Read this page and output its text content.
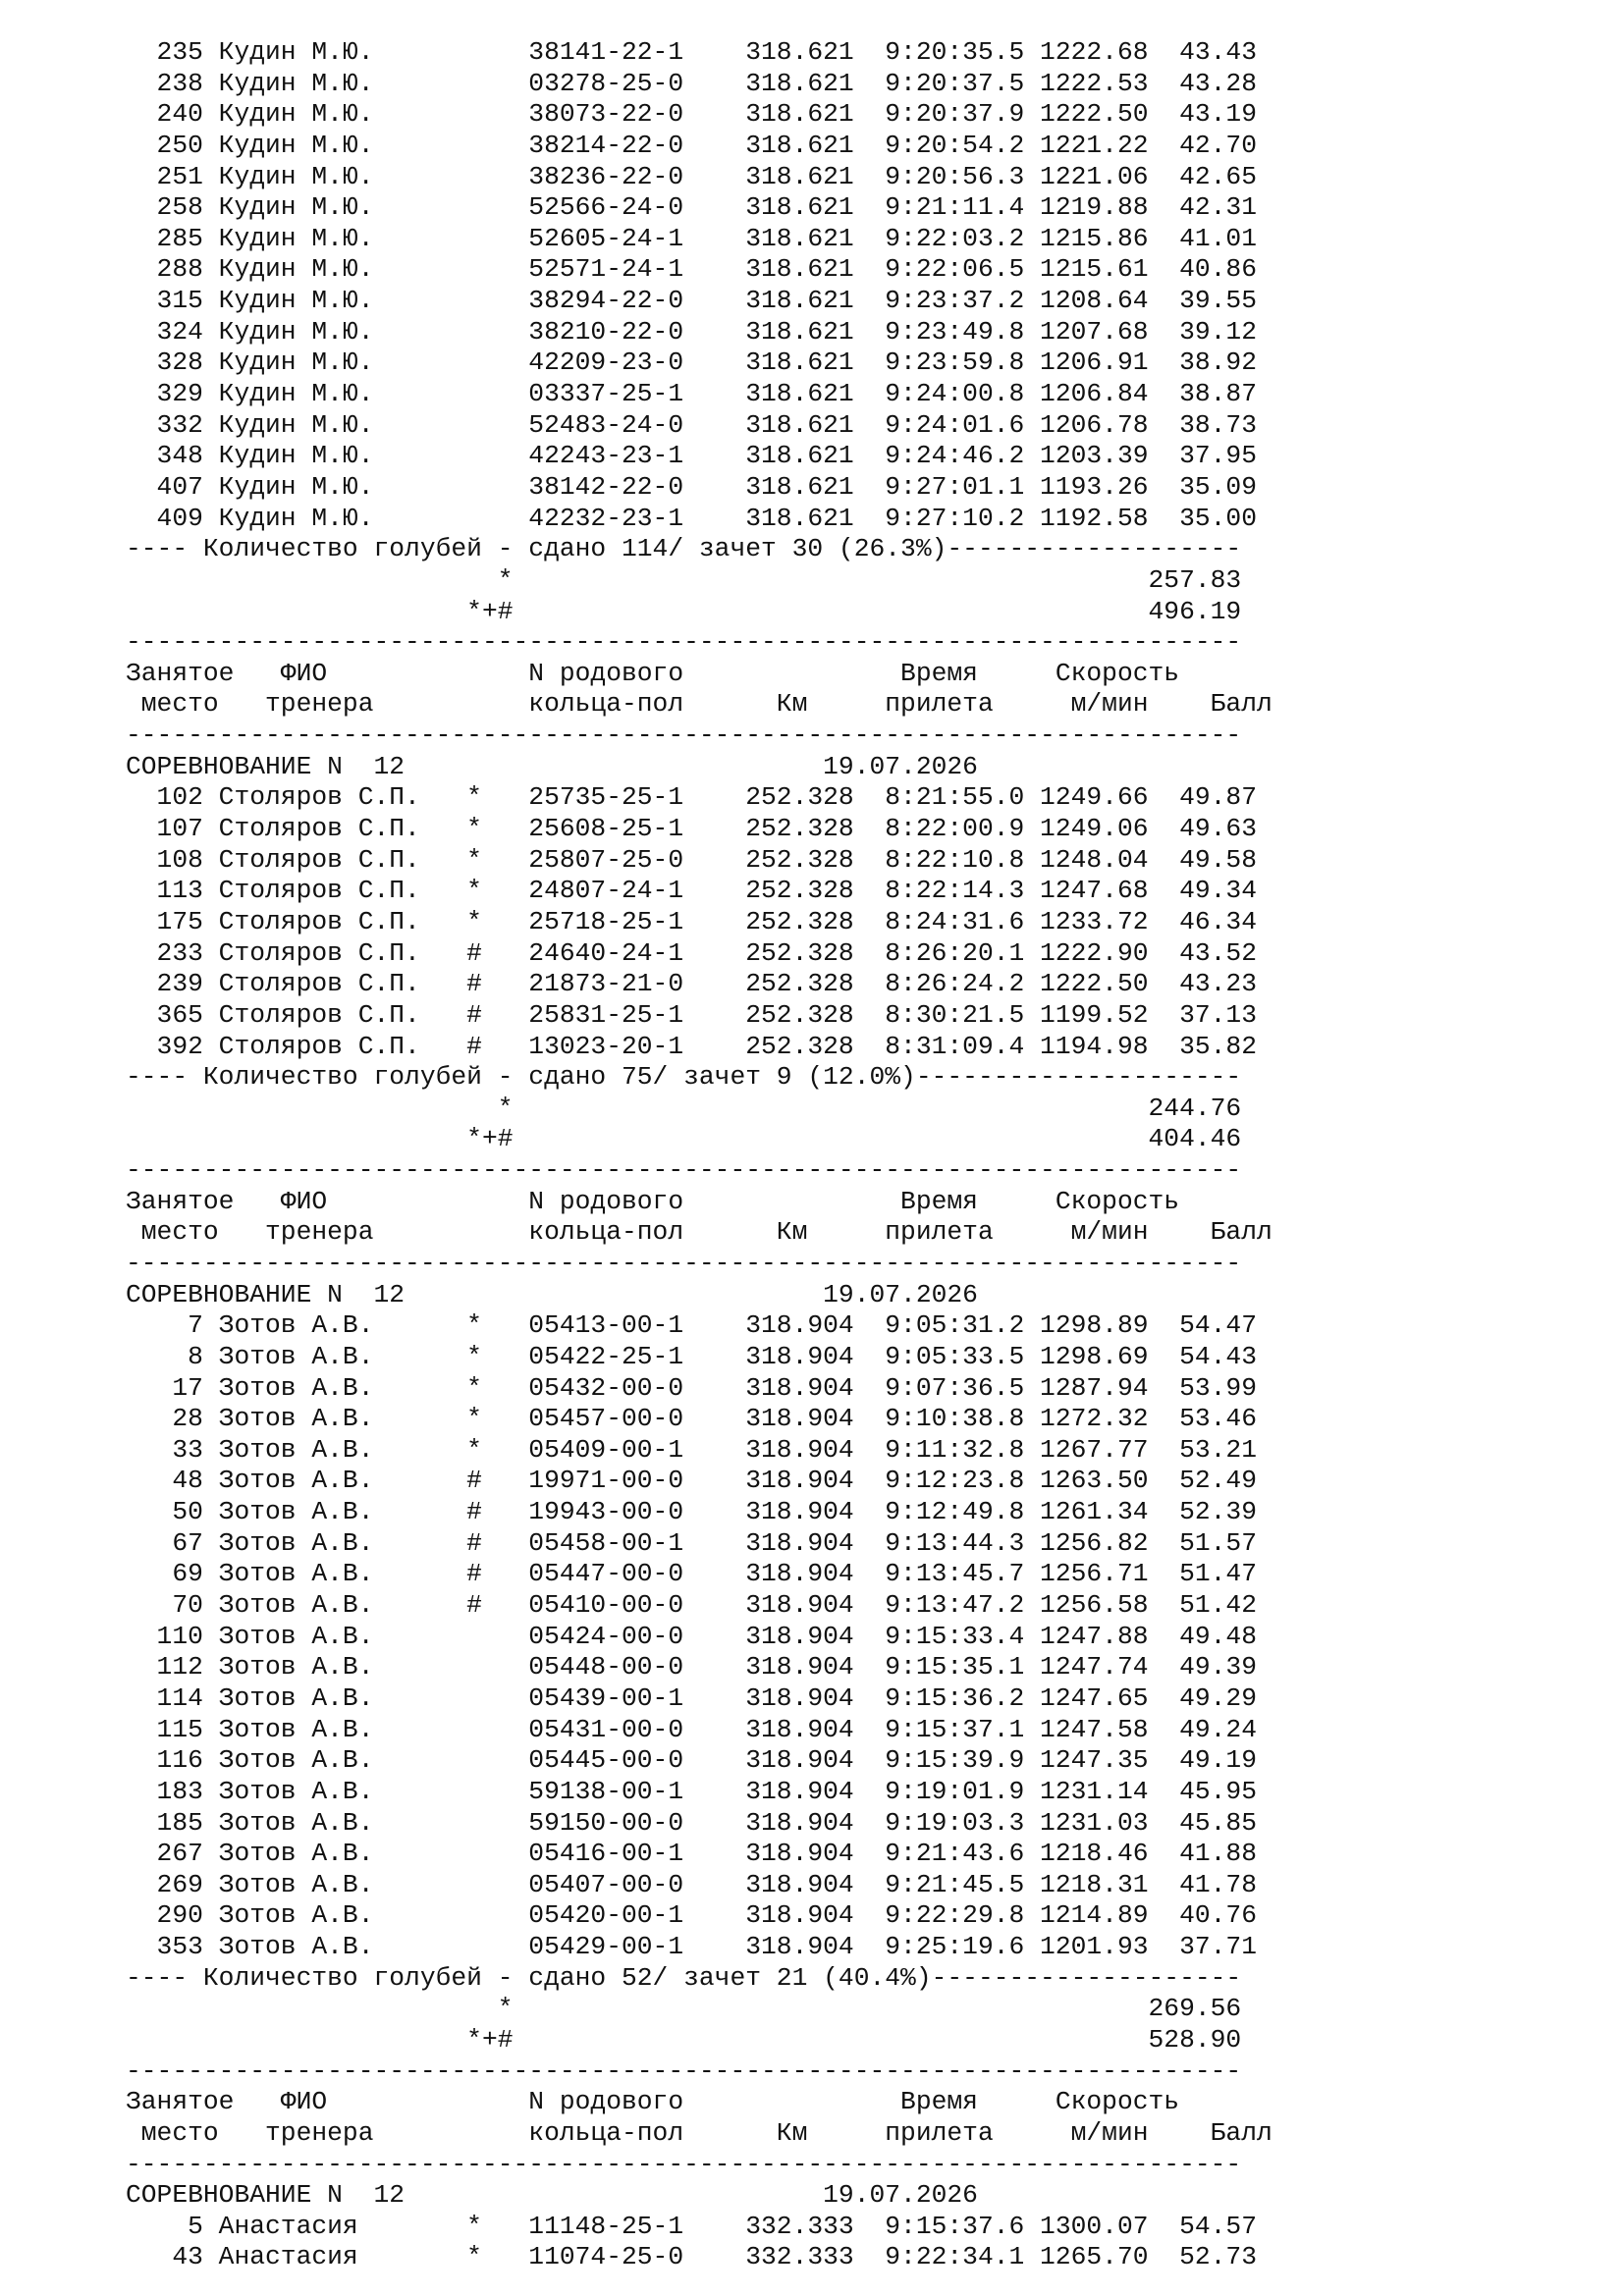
235 Кудин М.Ю.          38141-22-1    318.621  9:20:35.5 1222.68  43.43
238 Кудин М.Ю.          03278-25-0    318.621  9:20:37.5 1222.53  43.28
240 Кудин М.Ю.          38073-22-0    318.621  9:20:37.9 1222.50  43.19
250 Кудин М.Ю.          38214-22-0    318.621  9:20:54.2 1221.22  42.70
251 Кудин М.Ю.          38236-22-0    318.621  9:20:56.3 1221.06  42.65
258 Кудин М.Ю.          52566-24-0    318.621  9:21:11.4 1219.88  42.31
285 Кудин М.Ю.          52605-24-1    318.621  9:22:03.2 1215.86  41.01
288 Кудин М.Ю.          52571-24-1    318.621  9:22:06.5 1215.61  40.86
315 Кудин М.Ю.          38294-22-0    318.621  9:23:37.2 1208.64  39.55
324 Кудин М.Ю.          38210-22-0    318.621  9:23:49.8 1207.68  39.12
328 Кудин М.Ю.          42209-23-0    318.621  9:23:59.8 1206.91  38.92
329 Кудин М.Ю.          03337-25-1    318.621  9:24:00.8 1206.84  38.87
332 Кудин М.Ю.          52483-24-0    318.621  9:24:01.6 1206.78  38.73
348 Кудин М.Ю.          42243-23-1    318.621  9:24:46.2 1203.39  37.95
407 Кудин М.Ю.          38142-22-0    318.621  9:27:01.1 1193.26  35.09
409 Кудин М.Ю.          42232-23-1    318.621  9:27:10.2 1192.58  35.00
---- Количество голубей - сдано 114/ зачет 30 (26.3%)-------------------
*                                         257.83
*+#                                         496.19
------------------------------------------------------------------------
Занятое   ФИО             N родового              Время     Скорость
место   тренера          кольца-пол      Км     прилета     м/мин    Балл
------------------------------------------------------------------------
СОРЕВНОВАНИЕ N  12                           19.07.2026
102 Столяров С.П.   *   25735-25-1    252.328  8:21:55.0 1249.66  49.87
107 Столяров С.П.   *   25608-25-1    252.328  8:22:00.9 1249.06  49.63
108 Столяров С.П.   *   25807-25-0    252.328  8:22:10.8 1248.04  49.58
113 Столяров С.П.   *   24807-24-1    252.328  8:22:14.3 1247.68  49.34
175 Столяров С.П.   *   25718-25-1    252.328  8:24:31.6 1233.72  46.34
233 Столяров С.П.   #   24640-24-1    252.328  8:26:20.1 1222.90  43.52
239 Столяров С.П.   #   21873-21-0    252.328  8:26:24.2 1222.50  43.23
365 Столяров С.П.   #   25831-25-1    252.328  8:30:21.5 1199.52  37.13
392 Столяров С.П.   #   13023-20-1    252.328  8:31:09.4 1194.98  35.82
---- Количество голубей - сдано 75/ зачет 9 (12.0%)---------------------
*                                         244.76
*+#                                         404.46
------------------------------------------------------------------------
Занятое   ФИО             N родового              Время     Скорость
место   тренера          кольца-пол      Км     прилета     м/мин    Балл
------------------------------------------------------------------------
СОРЕВНОВАНИЕ N  12                           19.07.2026
7 Зотов А.В.      *   05413-00-1    318.904  9:05:31.2 1298.89  54.47
8 Зотов А.В.      *   05422-25-1    318.904  9:05:33.5 1298.69  54.43
17 Зотов А.В.      *   05432-00-0    318.904  9:07:36.5 1287.94  53.99
28 Зотов А.В.      *   05457-00-0    318.904  9:10:38.8 1272.32  53.46
33 Зотов А.В.      *   05409-00-1    318.904  9:11:32.8 1267.77  53.21
48 Зотов А.В.      #   19971-00-0    318.904  9:12:23.8 1263.50  52.49
50 Зотов А.В.      #   19943-00-0    318.904  9:12:49.8 1261.34  52.39
67 Зотов А.В.      #   05458-00-1    318.904  9:13:44.3 1256.82  51.57
69 Зотов А.В.      #   05447-00-0    318.904  9:13:45.7 1256.71  51.47
70 Зотов А.В.      #   05410-00-0    318.904  9:13:47.2 1256.58  51.42
110 Зотов А.В.          05424-00-0    318.904  9:15:33.4 1247.88  49.48
112 Зотов А.В.          05448-00-0    318.904  9:15:35.1 1247.74  49.39
114 Зотов А.В.          05439-00-1    318.904  9:15:36.2 1247.65  49.29
115 Зотов А.В.          05431-00-0    318.904  9:15:37.1 1247.58  49.24
116 Зотов А.В.          05445-00-0    318.904  9:15:39.9 1247.35  49.19
183 Зотов А.В.          59138-00-1    318.904  9:19:01.9 1231.14  45.95
185 Зотов А.В.          59150-00-0    318.904  9:19:03.3 1231.03  45.85
267 Зотов А.В.          05416-00-1    318.904  9:21:43.6 1218.46  41.88
269 Зотов А.В.          05407-00-0    318.904  9:21:45.5 1218.31  41.78
290 Зотов А.В.          05420-00-1    318.904  9:22:29.8 1214.89  40.76
353 Зотов А.В.          05429-00-1    318.904  9:25:19.6 1201.93  37.71
---- Количество голубей - сдано 52/ зачет 21 (40.4%)--------------------
*                                         269.56
*+#                                         528.90
------------------------------------------------------------------------
Занятое   ФИО             N родового              Время     Скорость
место   тренера          кольца-пол      Км     прилета     м/мин    Балл
------------------------------------------------------------------------
СОРЕВНОВАНИЕ N  12                           19.07.2026
5 Анастасия       *   11148-25-1    332.333  9:15:37.6 1300.07  54.57
43 Анастасия       *   11074-25-0    332.333  9:22:34.1 1265.70  52.73
